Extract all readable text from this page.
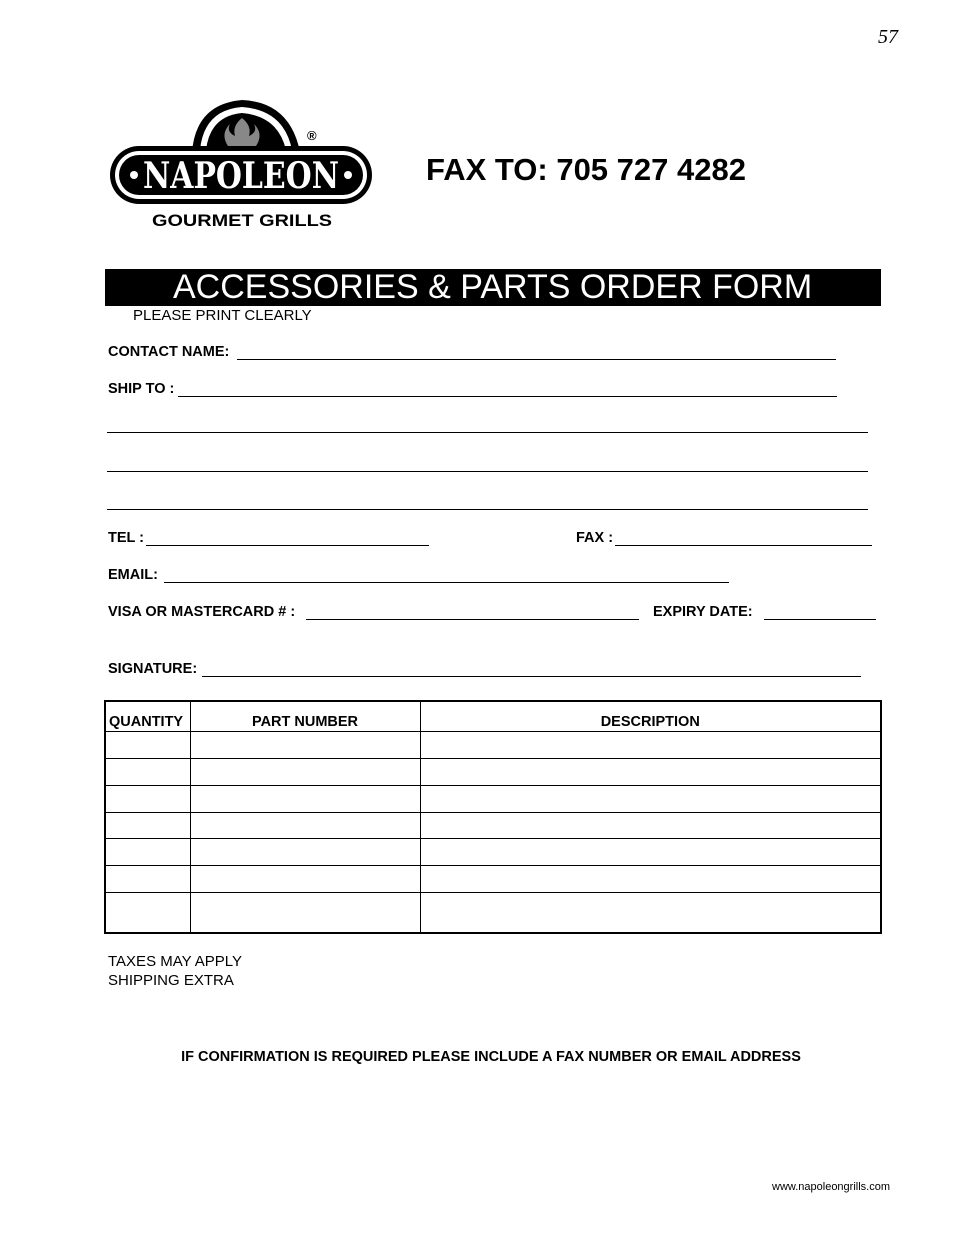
57
NAPOLEON
®
GOURMET GRILLS
FAX TO: 705 727 4282
ACCESSORIES & PARTS ORDER FORM
PLEASE PRINT CLEARLY
CONTACT NAME:
SHIP TO :
TEL :	FAX :
EMAIL:
VISA OR MASTERCARD # :	EXPIRY DATE:
SIGNATURE:
QUANTITY	PART NUMBER	DESCRIPTION

TAXES MAY APPLY
SHIPPING EXTRA
IF CONFIRMATION IS REQUIRED PLEASE INCLUDE A FAX NUMBER OR EMAIL ADDRESS
www.napoleongrills.com
